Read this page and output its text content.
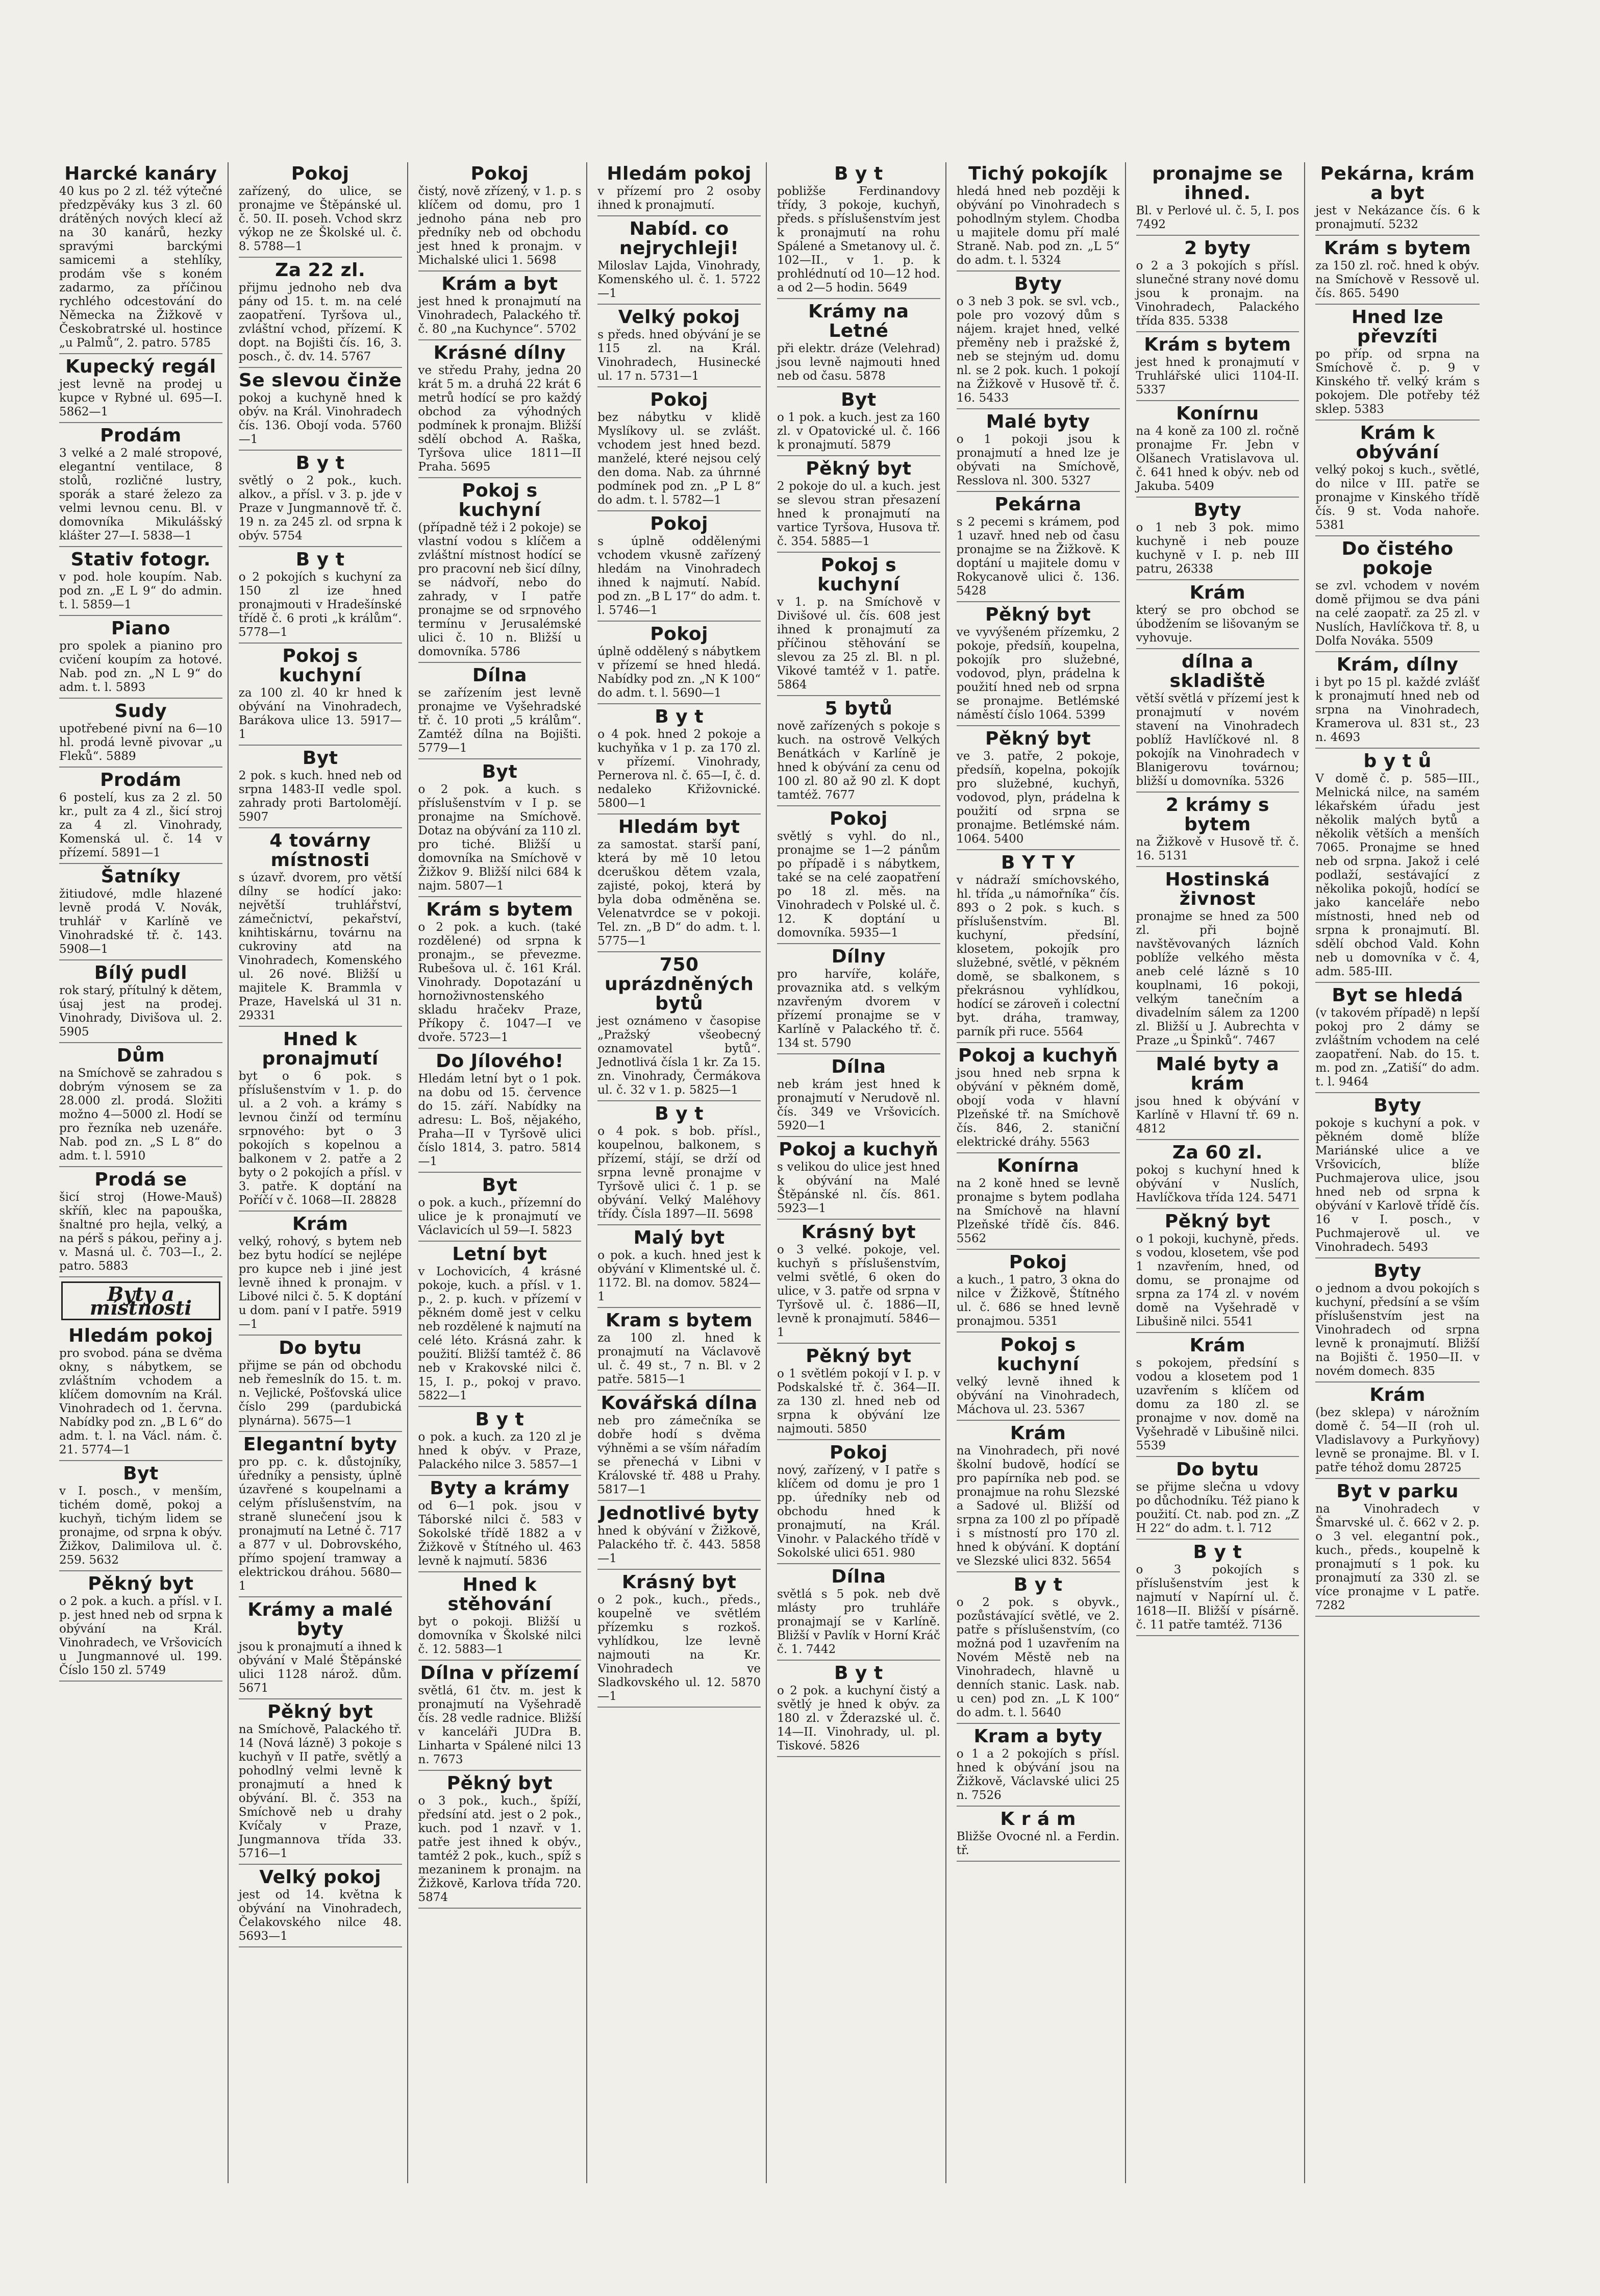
Harcké kanáry

40 kus po 2 zl. též výtečné předzpěváky kus 3 zl. 60 drátěných nových klecí až na 30 kanárů, hezky spravými barckými samicemi a stehlíky, prodám vše s koném zadarmo, za příčinou rychlého odcestování do Německa na Žižkově v Českobratrské ul. hostince „u Palmů“, 2. patro. 5785

Kupecký regál

jest levně na prodej u kupce v Rybné ul. 695—I. 5862—1

Prodám

3 velké a 2 malé stropové, elegantní ventilace, 8 stolů, rozličné lustry, sporák a staré železo za velmi levnou cenu. Bl. v domovníka Mikulášský klášter 27—I. 5838—1

Stativ fotogr.

v pod. hole koupím. Nab. pod zn. „E L 9“ do admin. t. l. 5859—1

Piano

pro spolek a pianino pro cvičení koupím za hotové. Nab. pod zn. „N L 9“ do adm. t. l. 5893

Sudy

upotřebené pivní na 6—10 hl. prodá levně pivovar „u Fleků“. 5889

Prodám

6 postelí, kus za 2 zl. 50 kr., pult za 4 zl., šicí stroj za 4 zl. Vinohrady, Komenská ul. č. 14 v přízemí. 5891—1

Šatníky

žitiudové, mdle hlazené levně prodá V. Novák, truhlář v Karlíně ve Vinohradské tř. č. 143. 5908—1

Bílý pudl

rok starý, přítulný k dětem, úsaj jest na prodej. Vinohrady, Divišova ul. 2. 5905

Dům

na Smíchově se zahradou s dobrým výnosem se za 28.000 zl. prodá. Složiti možno 4—5000 zl. Hodí se pro řezníka neb uzenáře. Nab. pod zn. „S L 8“ do adm. t. l. 5910

Prodá se

šicí stroj (Howe-Mauš) skříň, klec na papouška, šnaltné pro hejla, velký, a na pérš s pákou, peřiny a j. v. Masná ul. č. 703—I., 2. patro. 5883

Byty a místnosti
Hledám pokoj

pro svobod. pána se dvěma okny, s nábytkem, se zvláštním vchodem a klíčem domovním na Král. Vinohradech od 1. června. Nabídky pod zn. „B L 6“ do adm. t. l. na Václ. nám. č. 21. 5774—1

Byt

v I. posch., v menším, tichém domě, pokoj a kuchyň, tichým lidem se pronajme, od srpna k obýv. Žižkov, Dalimilova ul. č. 259. 5632

Pěkný byt

o 2 pok. a kuch. a přísl. v I. p. jest hned neb od srpna k obývání na Král. Vinohradech, ve Vršovicích u Jungmannové ul. 199. Číslo 150 zl. 5749

Pokoj

zařízený, do ulice, se pronajme ve Štěpánské ul. č. 50. II. poseh. Vchod skrz výkop ne ze Školské ul. č. 8. 5788—1

Za 22 zl.

přijmu jednoho neb dva pány od 15. t. m. na celé zaopatření. Tyršova ul., zvláštní vchod, přízemí. K dopt. na Bojišti čís. 16, 3. posch., č. dv. 14. 5767

Se slevou činže

pokoj a kuchyně hned k obýv. na Král. Vinohradech čís. 136. Obojí voda. 5760—1

B y t

světlý o 2 pok., kuch. alkov., a přísl. v 3. p. jde v Praze v Jungmannově tř. č. 19 n. za 245 zl. od srpna k obýv. 5754

B y t

o 2 pokojích s kuchyní za 150 zl ize hned pronajmouti v Hradešínské třídě č. 6 proti „k králům“. 5778—1

Pokoj s kuchyní

za 100 zl. 40 kr hned k obývání na Vinohradech, Barákova ulice 13. 5917—1

Byt

2 pok. s kuch. hned neb od srpna 1483-II vedle spol. zahrady proti Bartolomějí. 5907

4 továrny místnosti

s úzavř. dvorem, pro větší dílny se hodící jako: největší truhlářství, zámečnictví, pekařství, knihtiskárnu, továrnu na cukroviny atd na Vinohradech, Komenského ul. 26 nové. Bližší u majitele K. Brammla v Praze, Havelská ul 31 n. 29331

Hned k pronajmutí

byt o 6 pok. s příslušenstvím v 1. p. do ul. a 2 voh. a krámy s levnou činží od termínu srpnového: byt o 3 pokojích s kopelnou a balkonem v 2. patře a 2 byty o 2 pokojích a přísl. v 3. patře. K doptání na Poříčí v č. 1068—II. 28828

Krám

velký, rohový, s bytem neb bez bytu hodící se nejlépe pro kupce neb i jiné jest levně ihned k pronajm. v Libové nilci č. 5. K doptání u dom. paní v I patře. 5919—1

Do bytu

přijme se pán od obchodu neb řemeslník do 15. t. m. n. Vejlické, Pošťovská ulice číslo 299 (pardubická plynárna). 5675—1

Elegantní byty

pro pp. c. k. důstojníky, úředníky a pensisty, úplně úzavřené s koupelnami a celým příslušenstvím, na straně slunečení jsou k pronajmutí na Letné č. 717 a 877 v ul. Dobrovského, přímo spojení tramway a elektrickou dráhou. 5680—1

Krámy a malé byty

jsou k pronajmutí a ihned k obývání v Malé Štěpánské ulici 1128 nárož. dům. 5671

Pěkný byt

na Smíchově, Palackého tř. 14 (Nová lázně) 3 pokoje s kuchyň v II patře, světlý a pohodlný velmi levně k pronajmutí a hned k obývání. Bl. č. 353 na Smíchově neb u drahy Kvíčaly v Praze, Jungmannova třída 33. 5716—1

Velký pokoj

jest od 14. května k obývání na Vinohradech, Čelakovského nilce 48. 5693—1

Pokoj

čistý, nově zřízený, v 1. p. s klíčem od domu, pro 1 jednoho pána neb pro předníky neb od obchodu jest hned k pronajm. v Michalské ulici 1. 5698

Krám a byt

jest hned k pronajmutí na Vinohradech, Palackého tř. č. 80 „na Kuchynce“. 5702

Krásné dílny

ve středu Prahy, jedna 20 krát 5 m. a druhá 22 krát 6 metrů hodící se pro každý obchod za výhodných podmínek k pronajm. Bližší sdělí obchod A. Raška, Tyršova ulice 1811—II Praha. 5695

Pokoj s kuchyní

(případně též i 2 pokoje) se vlastní vodou s klíčem a zvláštní místnost hodící se pro pracovní neb šicí dílny, se nádvoří, nebo do zahrady, v I patře pronajme se od srpnového termínu v Jerusalémské ulici č. 10 n. Bližší u domovníka. 5786

Dílna

se zařízením jest levně pronajme ve Vyšehradské tř. č. 10 proti „5 králům“. Zamtéž dílna na Bojišti. 5779—1

Byt

o 2 pok. a kuch. s příslušenstvím v I p. se pronajme na Smíchově. Dotaz na obývání za 110 zl. pro tiché. Bližší u domovníka na Smíchově v Žižkov 9. Bližší nilci 684 k najm. 5807—1

Krám s bytem

o 2 pok. a kuch. (také rozdělené) od srpna k pronajm., se převezme. Rubešova ul. č. 161 Král. Vinohrady. Dopotazání u hornoživnostenského skladu hračekv Praze, Příkopy č. 1047—I ve dvoře. 5723—1

Do Jílového!

Hledám letní byt o 1 pok. na dobu od 15. července do 15. září. Nabídky na adresu: L. Boš, nějakého, Praha—II v Tyršově ulici číslo 1814, 3. patro. 5814—1

Byt

o pok. a kuch., přízemní do ulice je k pronajmutí ve Václavicích ul 59—I. 5823

Letní byt

v Lochovicích, 4 krásné pokoje, kuch. a přísl. v 1. p., 2. p. kuch. v přízemí v pěkném domě jest v celku neb rozdělené k najmutí na celé léto. Krásná zahr. k použití. Bližší tamtéž č. 86 neb v Krakovské nilci č. 15, I. p., pokoj v pravo. 5822—1

B y t

o pok. a kuch. za 120 zl je hned k obýv. v Praze, Palackého nilce 3. 5857—1

Byty a krámy

od 6—1 pok. jsou v Táborské nilci č. 583 v Sokolské třídě 1882 a v Žižkově v Štítného ul. 463 levně k najmutí. 5836

Hned k stěhování

byt o pokoji. Bližší u domovníka v Školské nilci č. 12. 5883—1

Dílna v přízemí

světlá, 61 čtv. m. jest k pronajmutí na Vyšehradě čís. 28 vedle radnice. Bližší v kanceláři JUDra B. Linharta v Spálené nilci 13 n. 7673

Pěkný byt

o 3 pok., kuch., špíží, předsíní atd. jest o 2 pok., kuch. pod 1 nzavř. v 1. patře jest ihned k obýv., tamtéž 2 pok., kuch., spíž s mezaninem k pronajm. na Žižkově, Karlova třída 720. 5874

Hledám pokoj

v přízemí pro 2 osoby ihned k pronajmutí.

Nabíd. co nejrychleji!

Miloslav Lajda, Vinohrady, Komenského ul. č. 1. 5722—1

Velký pokoj

s předs. hned obývání je se 115 zl. na Král. Vinohradech, Husinecké ul. 17 n. 5731—1

Pokoj

bez nábytku v klidě Myslíkovy ul. se zvlášt. vchodem jest hned bezd. manželé, které nejsou celý den doma. Nab. za úhrnné podmínek pod zn. „P L 8“ do adm. t. l. 5782—1

Pokoj

s úplně oddělenými vchodem vkusně zařízený hledám na Vinohradech ihned k najmutí. Nabíd. pod zn. „B L 17“ do adm. t. l. 5746—1

Pokoj

úplně oddělený s nábytkem v přízemí se hned hledá. Nabídky pod zn. „N K 100“ do adm. t. l. 5690—1

B y t

o 4 pok. hned 2 pokoje a kuchyňka v 1 p. za 170 zl. v přízemí. Vinohrady, Pernerova nl. č. 65—I, č. d. nedaleko Křižovnické. 5800—1

Hledám byt

za samostat. starší paní, která by mě 10 letou dceruškou dětem vzala, zajisté, pokoj, která by byla doba odměněna se. Velenatvrdce se v pokoji. Tel. zn. „B D“ do adm. t. l. 5775—1

750 uprázdněných bytů

jest oznámeno v časopise „Pražský všeobecný oznamovatel bytů“. Jednotlivá čísla 1 kr. Za 15. zn. Vinohrady, Čermákova ul. č. 32 v 1. p. 5825—1

B y t

o 4 pok. s bob. přísl., koupelnou, balkonem, s přízemí, stájí, se drží od srpna levně pronajme v Tyršově ulici č. 1 p. se obývání. Velký Maléhovy třídy. Čísla 1897—II. 5698

Malý byt

o pok. a kuch. hned jest k obývání v Klimentské ul. č. 1172. Bl. na domov. 5824—1

Kram s bytem

za 100 zl. hned k pronajmutí na Václavově ul. č. 49 st., 7 n. Bl. v 2 patře. 5815—1

Kovářská dílna

neb pro zámečníka se dobře hodí s dvěma výhněmi a se vším nářadím se přenechá v Libni v Královské tř. 488 u Prahy. 5817—1

Jednotlivé byty

hned k obývání v Žižkově, Palackého tř. č. 443. 5858—1

Krásný byt

o 2 pok., kuch., předs., koupelně ve světlém přízemku s rozkoš. vyhlídkou, lze levně najmouti na Kr. Vinohradech ve Sladkovského ul. 12. 5870—1

B y t

pobližše Ferdinandovy třídy, 3 pokoje, kuchyň, předs. s příslušenstvím jest k pronajmutí na rohu Spálené a Smetanovy ul. č. 102—II., v 1. p. k prohlédnutí od 10—12 hod. a od 2—5 hodin. 5649

Krámy na Letné

při elektr. dráze (Velehrad) jsou levně najmouti hned neb od času. 5878

Byt

o 1 pok. a kuch. jest za 160 zl. v Opatovické ul. č. 166 k pronajmutí. 5879

Pěkný byt

2 pokoje do ul. a kuch. jest se slevou stran přesazení hned k pronajmutí na vartice Tyršova, Husova tř. č. 354. 5885—1

Pokoj s kuchyní

v 1. p. na Smíchově v Divišové ul. čís. 608 jest ihned k pronajmutí za příčinou stěhování se slevou za 25 zl. Bl. n pl. Vikové tamtéž v 1. patře. 5864

5 bytů

nově zařízených s pokoje s kuch. na ostrově Velkých Benátkách v Karlíně je hned k obývání za cenu od 100 zl. 80 až 90 zl. K dopt tamtéž. 7677

Pokoj

světlý s vyhl. do nl., pronajme se 1—2 pánům po případě i s nábytkem, také se na celé zaopatření po 18 zl. měs. na Vinohradech v Polské ul. č. 12. K doptání u domovníka. 5935—1

Dílny

pro harvíře, koláře, provaznika atd. s velkým nzavřeným dvorem v přízemí pronajme se v Karlíně v Palackého tř. č. 134 st. 5790

Dílna

neb krám jest hned k pronajmutí v Nerudově nl. čís. 349 ve Vršovicích. 5920—1

Pokoj a kuchyň

s velikou do ulice jest hned k obývání na Malé Štěpánské nl. čís. 861. 5923—1

Krásný byt

o 3 velké. pokoje, vel. kuchyň s příslušenstvím, velmi světlé, 6 oken do ulice, v 3. patře od srpna v Tyršově ul. č. 1886—II, levně k pronajmutí. 5846—1

Pěkný byt

o 1 světlém pokojí v I. p. v Podskalské tř. č. 364—II. za 130 zl. hned neb od srpna k obývání lze najmouti. 5850

Pokoj

nový, zařízený, v I patře s klíčem od domu je pro 1 pp. úředníky neb od obchodu hned k pronajmutí, na Král. Vinohr. v Palackého třídě v Sokolské ulici 651. 980

Dílna

světlá s 5 pok. neb dvě mlásty pro truhláře pronajmají se v Karlíně. Bližší v Pavlík v Horní Kráč č. 1. 7442

B y t

o 2 pok. a kuchyní čistý a světlý je hned k obýv. za 180 zl. v Žderazské ul. č. 14—II. Vinohrady, ul. pl. Tiskové. 5826

Tichý pokojík

hledá hned neb později k obývání po Vinohradech s pohodlným stylem. Chodba u majitele domu pří malé Straně. Nab. pod zn. „L 5“ do adm. t. l. 5324

Byty

o 3 neb 3 pok. se svl. vcb., pole pro vozový dům s nájem. krajet hned, velké přeměny neb i pražské ž, neb se stejným ud. domu nl. se 2 pok. kuch. 1 pokojí na Žižkově v Husově tř. č. 16. 5433

Malé byty

o 1 pokoji jsou k pronajmutí a hned lze je obývati na Smíchově, Resslova nl. 300. 5327

Pekárna

s 2 pecemi s krámem, pod 1 uzavř. hned neb od času pronajme se na Žižkově. K doptání u majitele domu v Rokycanově ulici č. 136. 5428

Pěkný byt

ve vyvýšeném přízemku, 2 pokoje, předsíň, koupelna, pokojík pro služebné, vodovod, plyn, prádelna k použití hned neb od srpna se pronajme. Betlémské náměstí číslo 1064. 5399

Pěkný byt

ve 3. patře, 2 pokoje, předsíň, kopelna, pokojík pro služebné, kuchyň, vodovod, plyn, prádelna k použití od srpna se pronajme. Betlémské nám. 1064. 5400

B Y T Y

v nádraží smíchovského, hl. třída „u námořníka“ čís. 893 o 2 pok. s kuch. s příslušenstvím. Bl. kuchyní, předsíní, klosetem, pokojík pro služebné, světlé, v pěkném domě, se sbalkonem, s překrásnou vyhlídkou, hodící se zároveň i colectní byt. dráha, tramway, parník při ruce. 5564

Pokoj a kuchyň

jsou hned neb srpna k obývání v pěkném domě, obojí voda v hlavní Plzeňské tř. na Smíchově čís. 846, 2. staniční elektrické dráhy. 5563

Konírna

na 2 koně hned se levně pronajme s bytem podlaha na Smíchově na hlavní Plzeňské třídě čís. 846. 5562

Pokoj

a kuch., 1 patro, 3 okna do nilce v Žižkově, Štítného ul. č. 686 se hned levně pronajmou. 5351

Pokoj s kuchyní

velký levně ihned k obývání na Vinohradech, Máchova ul. 23. 5367

Krám

na Vinohradech, při nové školní budově, hodící se pro papírníka neb pod. se pronajmue na rohu Slezské a Sadové ul. Bližší od srpna za 100 zl po případě i s místností pro 170 zl. hned k obývání. K doptání ve Slezské ulici 832. 5654

B y t

o 2 pok. s obyvk., pozůstávající světlé, ve 2. patře s příslušenstvím, (co možná pod 1 uzavřením na Novém Městě neb na Vinohradech, hlavně u denních stanic. Lask. nab. u cen) pod zn. „L K 100“ do adm. t. l. 5640

Kram a byty

o 1 a 2 pokojích s přísl. hned k obývání jsou na Žižkově, Václavské ulici 25 n. 7526

K r á m

Bližše Ovocné nl. a Ferdin. tř.

pronajme se ihned.

Bl. v Perlové ul. č. 5, I. pos 7492

2 byty

o 2 a 3 pokojích s přísl. slunečné strany nové domu jsou k pronajm. na Vinohradech, Palackého třída 835. 5338

Krám s bytem

jest hned k pronajmutí v Truhlářské ulici 1104-II. 5337

Konírnu

na 4 koně za 100 zl. ročně pronajme Fr. Jebn v Olšanech Vratislavova ul. č. 641 hned k obýv. neb od Jakuba. 5409

Byty

o 1 neb 3 pok. mimo kuchyně i neb pouze kuchyně v I. p. neb III patru, 26338

Krám

který se pro obchod se úbodžením se lišovaným se vyhovuje.

dílna a skladiště

větší světlá v přízemí jest k pronajmutí v novém stavení na Vinohradech poblíž Havlíčkové nl. 8 pokojík na Vinohradech v Blanigerovu továrnou; bližší u domovníka. 5326

2 krámy s bytem

na Žižkově v Husově tř. č. 16. 5131

Hostinská živnost

pronajme se hned za 500 zl. při bojně navštěvovaných lázních poblíže velkého města aneb celé lázně s 10 kouplnami, 16 pokoji, velkým tanečním a divadelním sálem za 1200 zl. Bližší u J. Aubrechta v Praze „u Špinků“. 7467

Malé byty a krám

jsou hned k obývání v Karlíně v Hlavní tř. 69 n. 4812

Za 60 zl.

pokoj s kuchyní hned k obývání v Nuslích, Havlíčkova třída 124. 5471

Pěkný byt

o 1 pokoji, kuchyně, předs. s vodou, klosetem, vše pod 1 nzavřením, hned, od domu, se pronajme od srpna za 174 zl. v novém domě na Vyšehradě v Libušině nilci. 5541

Krám

s pokojem, předsíní s vodou a klosetem pod 1 uzavřením s klíčem od domu za 180 zl. se pronajme v nov. domě na Vyšehradě v Libušině nilci. 5539

Do bytu

se přijme slečna u vdovy po důchodníku. Též piano k použití. Ct. nab. pod zn. „Z H 22“ do adm. t. l. 712

B y t

o 3 pokojích s příslušenstvím jest k najmutí v Napírní ul. č. 1618—II. Bližší v písárně. č. 11 patře tamtéž. 7136

Pekárna, krám a byt

jest v Nekázance čís. 6 k pronajmutí. 5232

Krám s bytem

za 150 zl. roč. hned k obýv. na Smíchově v Ressově ul. čís. 865. 5490

Hned lze převzíti

po příp. od srpna na Smíchově č. p. 9 v Kinského tř. velký krám s pokojem. Dle potřeby též sklep. 5383

Krám k obývání

velký pokoj s kuch., světlé, do nilce v III. patře se pronajme v Kinského třídě čís. 9 st. Voda nahoře. 5381

Do čistého pokoje

se zvl. vchodem v novém domě přijmou se dva páni na celé zaopatř. za 25 zl. v Nuslích, Havlíčkova tř. 8, u Dolfa Nováka. 5509

Krám, dílny

i byt po 15 pl. každé zvlášť k pronajmutí hned neb od srpna na Vinohradech, Kramerova ul. 831 st., 23 n. 4693

b y t ů

V domě č. p. 585—III., Melnická nilce, na samém lékařském úřadu jest několik malých bytů a několik větších a menších 7065. Pronajme se hned neb od srpna. Jakož i celé podlaží, sestávající z několika pokojů, hodící se jako kanceláře nebo místnosti, hned neb od srpna k pronajmutí. Bl. sdělí obchod Vald. Kohn neb u domovníka v č. 4, adm. 585-III.

Byt se hledá

(v takovém případě) n lepší pokoj pro 2 dámy se zvláštním vchodem na celé zaopatření. Nab. do 15. t. m. pod zn. „Zatiší“ do adm. t. l. 9464

Byty

pokoje s kuchyní a pok. v pěkném domě blíže Mariánské ulice a ve Vršovicích, blíže Puchmajerova ulice, jsou hned neb od srpna k obývání v Karlově třídě čís. 16 v I. posch., v Puchmajerově ul. ve Vinohradech. 5493

Byty

o jednom a dvou pokojích s kuchyní, předsíní a se vším příslušenstvím jest na Vinohradech od srpna levně k pronajmutí. Bližší na Bojišti č. 1950—II. v novém domech. 835

Krám

(bez sklepa) v nárožním domě č. 54—II (roh ul. Vladislavovy a Purkyňovy) levně se pronajme. Bl. v I. patře téhož domu 28725

Byt v parku

na Vinohradech v Šmarvské ul. č. 662 v 2. p. o 3 vel. elegantní pok., kuch., předs., koupelně k pronajmutí s 1 pok. ku pronajmutí za 330 zl. se více pronajme v L patře. 7282
